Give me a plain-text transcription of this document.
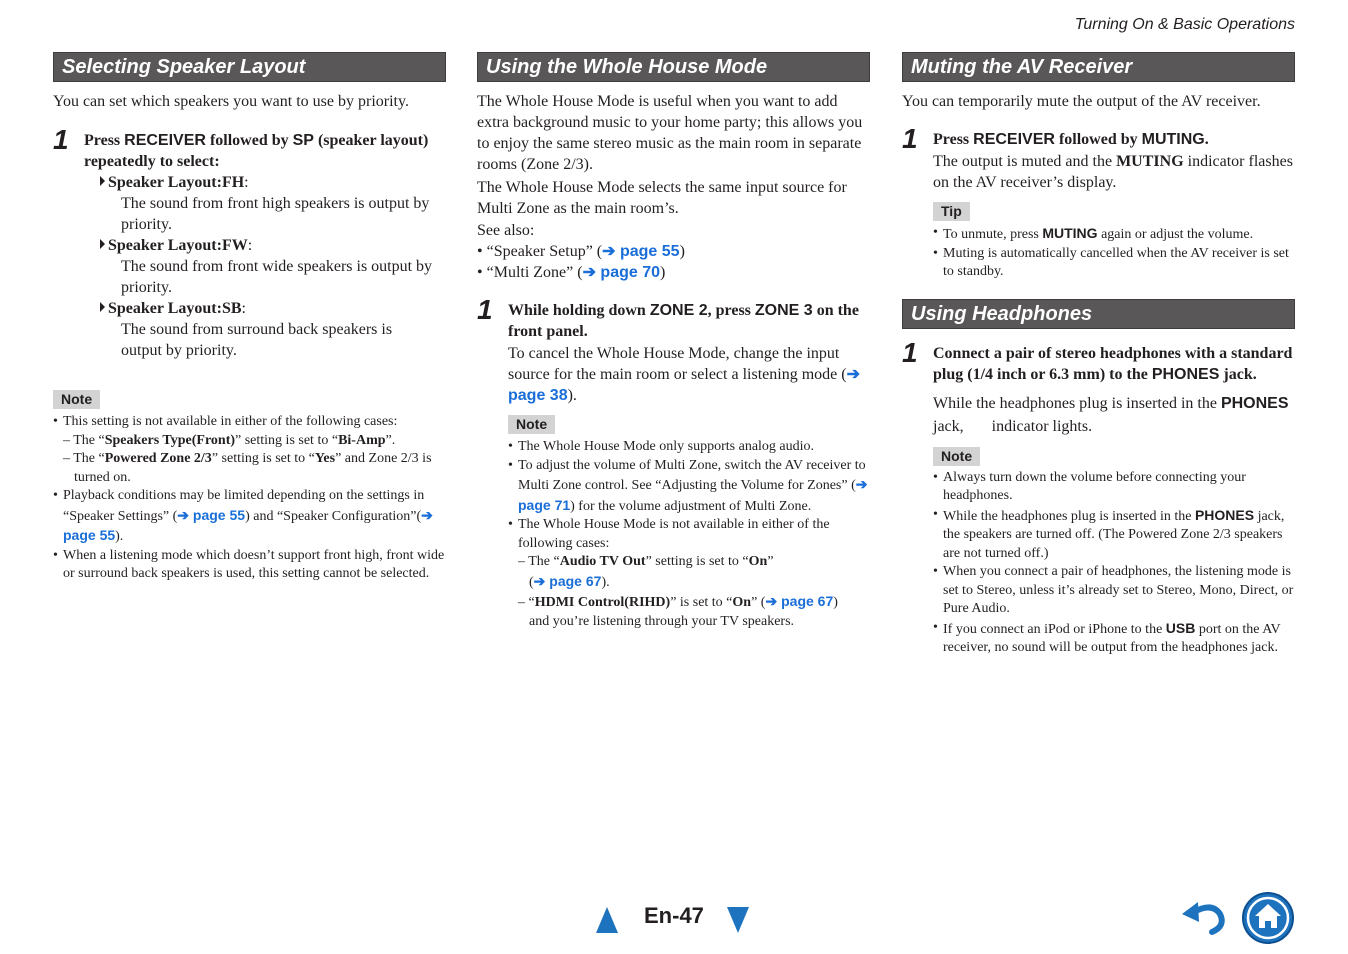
Turning On & Basic Operations
Selecting Speaker Layout

You can set which speakers you want to use by priority.

1 Press RECEIVER followed by SP (speaker layout) repeatedly to select:
Speaker Layout:FH:
The sound from front high speakers is output by priority.
Speaker Layout:FW:
The sound from front wide speakers is output by priority.
Speaker Layout:SB:
The sound from surround back speakers is output by priority.
Note
• This setting is not available in either of the following cases:
– The “Speakers Type(Front)” setting is set to “Bi-Amp”.
– The “Powered Zone 2/3” setting is set to “Yes” and Zone 2/3 is turned on.
• Playback conditions may be limited depending on the settings in “Speaker Settings” (➔ page 55) and “Speaker Configuration”(➔ page 55).
• When a listening mode which doesn’t support front high, front wide or surround back speakers is used, this setting cannot be selected.
Using the Whole House Mode

The Whole House Mode is useful when you want to add extra background music to your home party; this allows you to enjoy the same stereo music as the main room in separate rooms (Zone 2/3).

The Whole House Mode selects the same input source for Multi Zone as the main room’s.

See also:

• “Speaker Setup” (➔ page 55)
• “Multi Zone” (➔ page 70)
1 While holding down ZONE 2, press ZONE 3 on the front panel.

To cancel the Whole House Mode, change the input source for the main room or select a listening mode (➔ page 38).

Note
• The Whole House Mode only supports analog audio.
• To adjust the volume of Multi Zone, switch the AV receiver to Multi Zone control. See “Adjusting the Volume for Zones” (➔ page 71) for the volume adjustment of Multi Zone.
• The Whole House Mode is not available in either of the following cases:
– The “Audio TV Out” setting is set to “On”
(➔ page 67).
– “HDMI Control(RIHD)” is set to “On” (➔ page 67)
and you’re listening through your TV speakers.
Muting the AV Receiver

You can temporarily mute the output of the AV receiver.

1 Press RECEIVER followed by MUTING.

The output is muted and the MUTING indicator flashes on the AV receiver’s display.

Tip
• To unmute, press MUTING again or adjust the volume.
• Muting is automatically cancelled when the AV receiver is set to standby.
Using Headphones
1 Connect a pair of stereo headphones with a standard plug (1/4 inch or 6.3 mm) to the PHONES jack.

While the headphones plug is inserted in the PHONES
jack, indicator lights.

Note
• Always turn down the volume before connecting your headphones.
• While the headphones plug is inserted in the PHONES jack, the speakers are turned off. (The Powered Zone 2/3 speakers are not turned off.)
• When you connect a pair of headphones, the listening mode is set to Stereo, unless it’s already set to Stereo, Mono, Direct, or Pure Audio.
• If you connect an iPod or iPhone to the USB port on the AV receiver, no sound will be output from the headphones jack.
En-47
